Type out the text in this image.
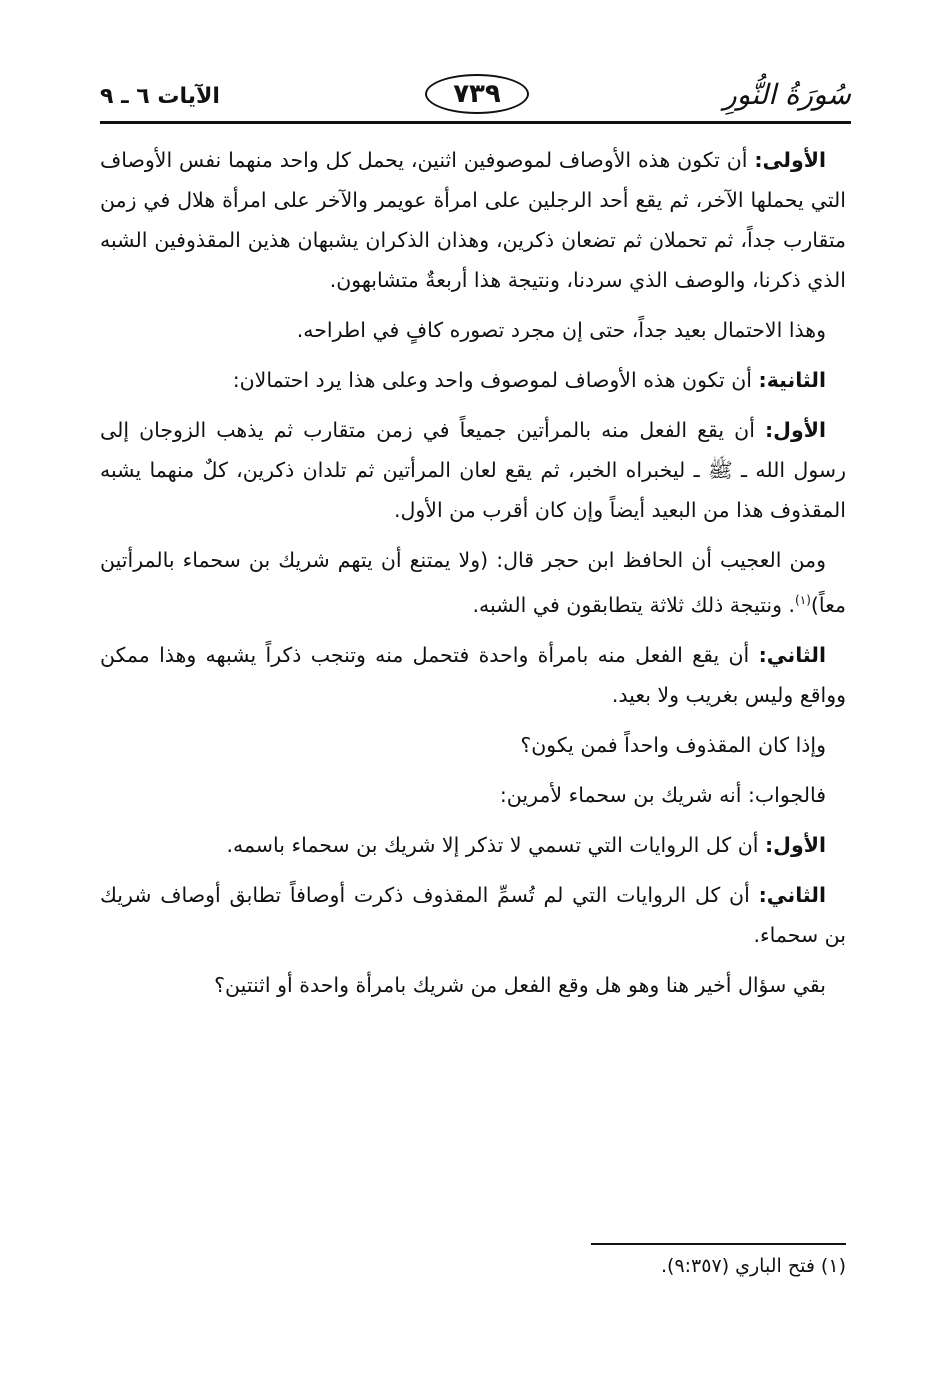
الآيات ٦ ـ ٩	٧٣٩	سُورَةُ النُّورِ

الأولى: أن تكون هذه الأوصاف لموصوفين اثنين، يحمل كل واحد منهما نفس الأوصاف التي يحملها الآخر، ثم يقع أحد الرجلين على امرأة عويمر والآخر على امرأة هلال في زمن متقارب جداً، ثم تحملان ثم تضعان ذكرين، وهذان الذكران يشبهان هذين المقذوفين الشبه الذي ذكرنا، والوصف الذي سردنا، ونتيجة هذا أربعةٌ متشابهون.

وهذا الاحتمال بعيد جداً، حتى إن مجرد تصوره كافٍ في اطراحه.

الثانية: أن تكون هذه الأوصاف لموصوف واحد وعلى هذا يرد احتمالان:

الأول: أن يقع الفعل منه بالمرأتين جميعاً في زمن متقارب ثم يذهب الزوجان إلى رسول الله ـ ﷺ ـ ليخبراه الخبر، ثم يقع لعان المرأتين ثم تلدان ذكرين، كلٌ منهما يشبه المقذوف هذا من البعيد أيضاً وإن كان أقرب من الأول.

ومن العجيب أن الحافظ ابن حجر قال: (ولا يمتنع أن يتهم شريك بن سحماء بالمرأتين معاً)$^{(١)}$. ونتيجة ذلك ثلاثة يتطابقون في الشبه.

الثاني: أن يقع الفعل منه بامرأة واحدة فتحمل منه وتنجب ذكراً يشبهه وهذا ممكن وواقع وليس بغريب ولا بعيد.

وإذا كان المقذوف واحداً فمن يكون؟

فالجواب: أنه شريك بن سحماء لأمرين:

الأول: أن كل الروايات التي تسمي لا تذكر إلا شريك بن سحماء باسمه.

الثاني: أن كل الروايات التي لم تُسمِّ المقذوف ذكرت أوصافاً تطابق أوصاف شريك بن سحماء.

بقي سؤال أخير هنا وهو هل وقع الفعل من شريك بامرأة واحدة أو اثنتين؟

(١) فتح الباري (٩:٣٥٧).
